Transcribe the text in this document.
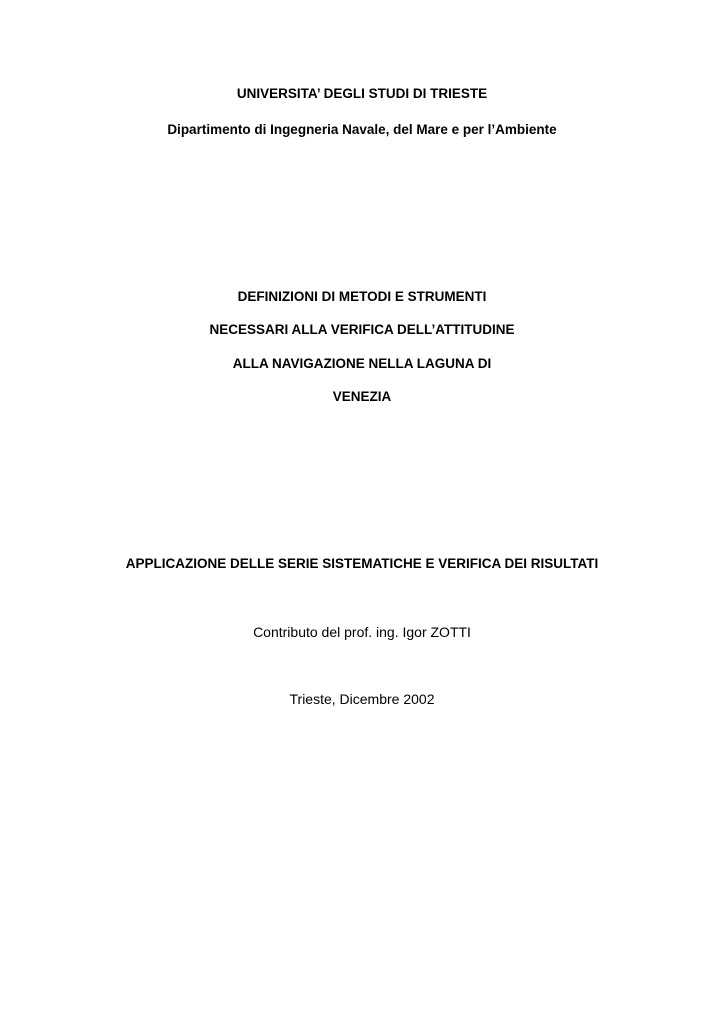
UNIVERSITA’ DEGLI STUDI DI TRIESTE
Dipartimento di Ingegneria Navale, del Mare e per l’Ambiente
DEFINIZIONI DI METODI E STRUMENTI
NECESSARI ALLA VERIFICA DELL’ATTITUDINE
ALLA NAVIGAZIONE NELLA LAGUNA DI
VENEZIA
APPLICAZIONE DELLE SERIE SISTEMATICHE E VERIFICA DEI RISULTATI
Contributo del prof. ing. Igor ZOTTI
Trieste, Dicembre 2002
